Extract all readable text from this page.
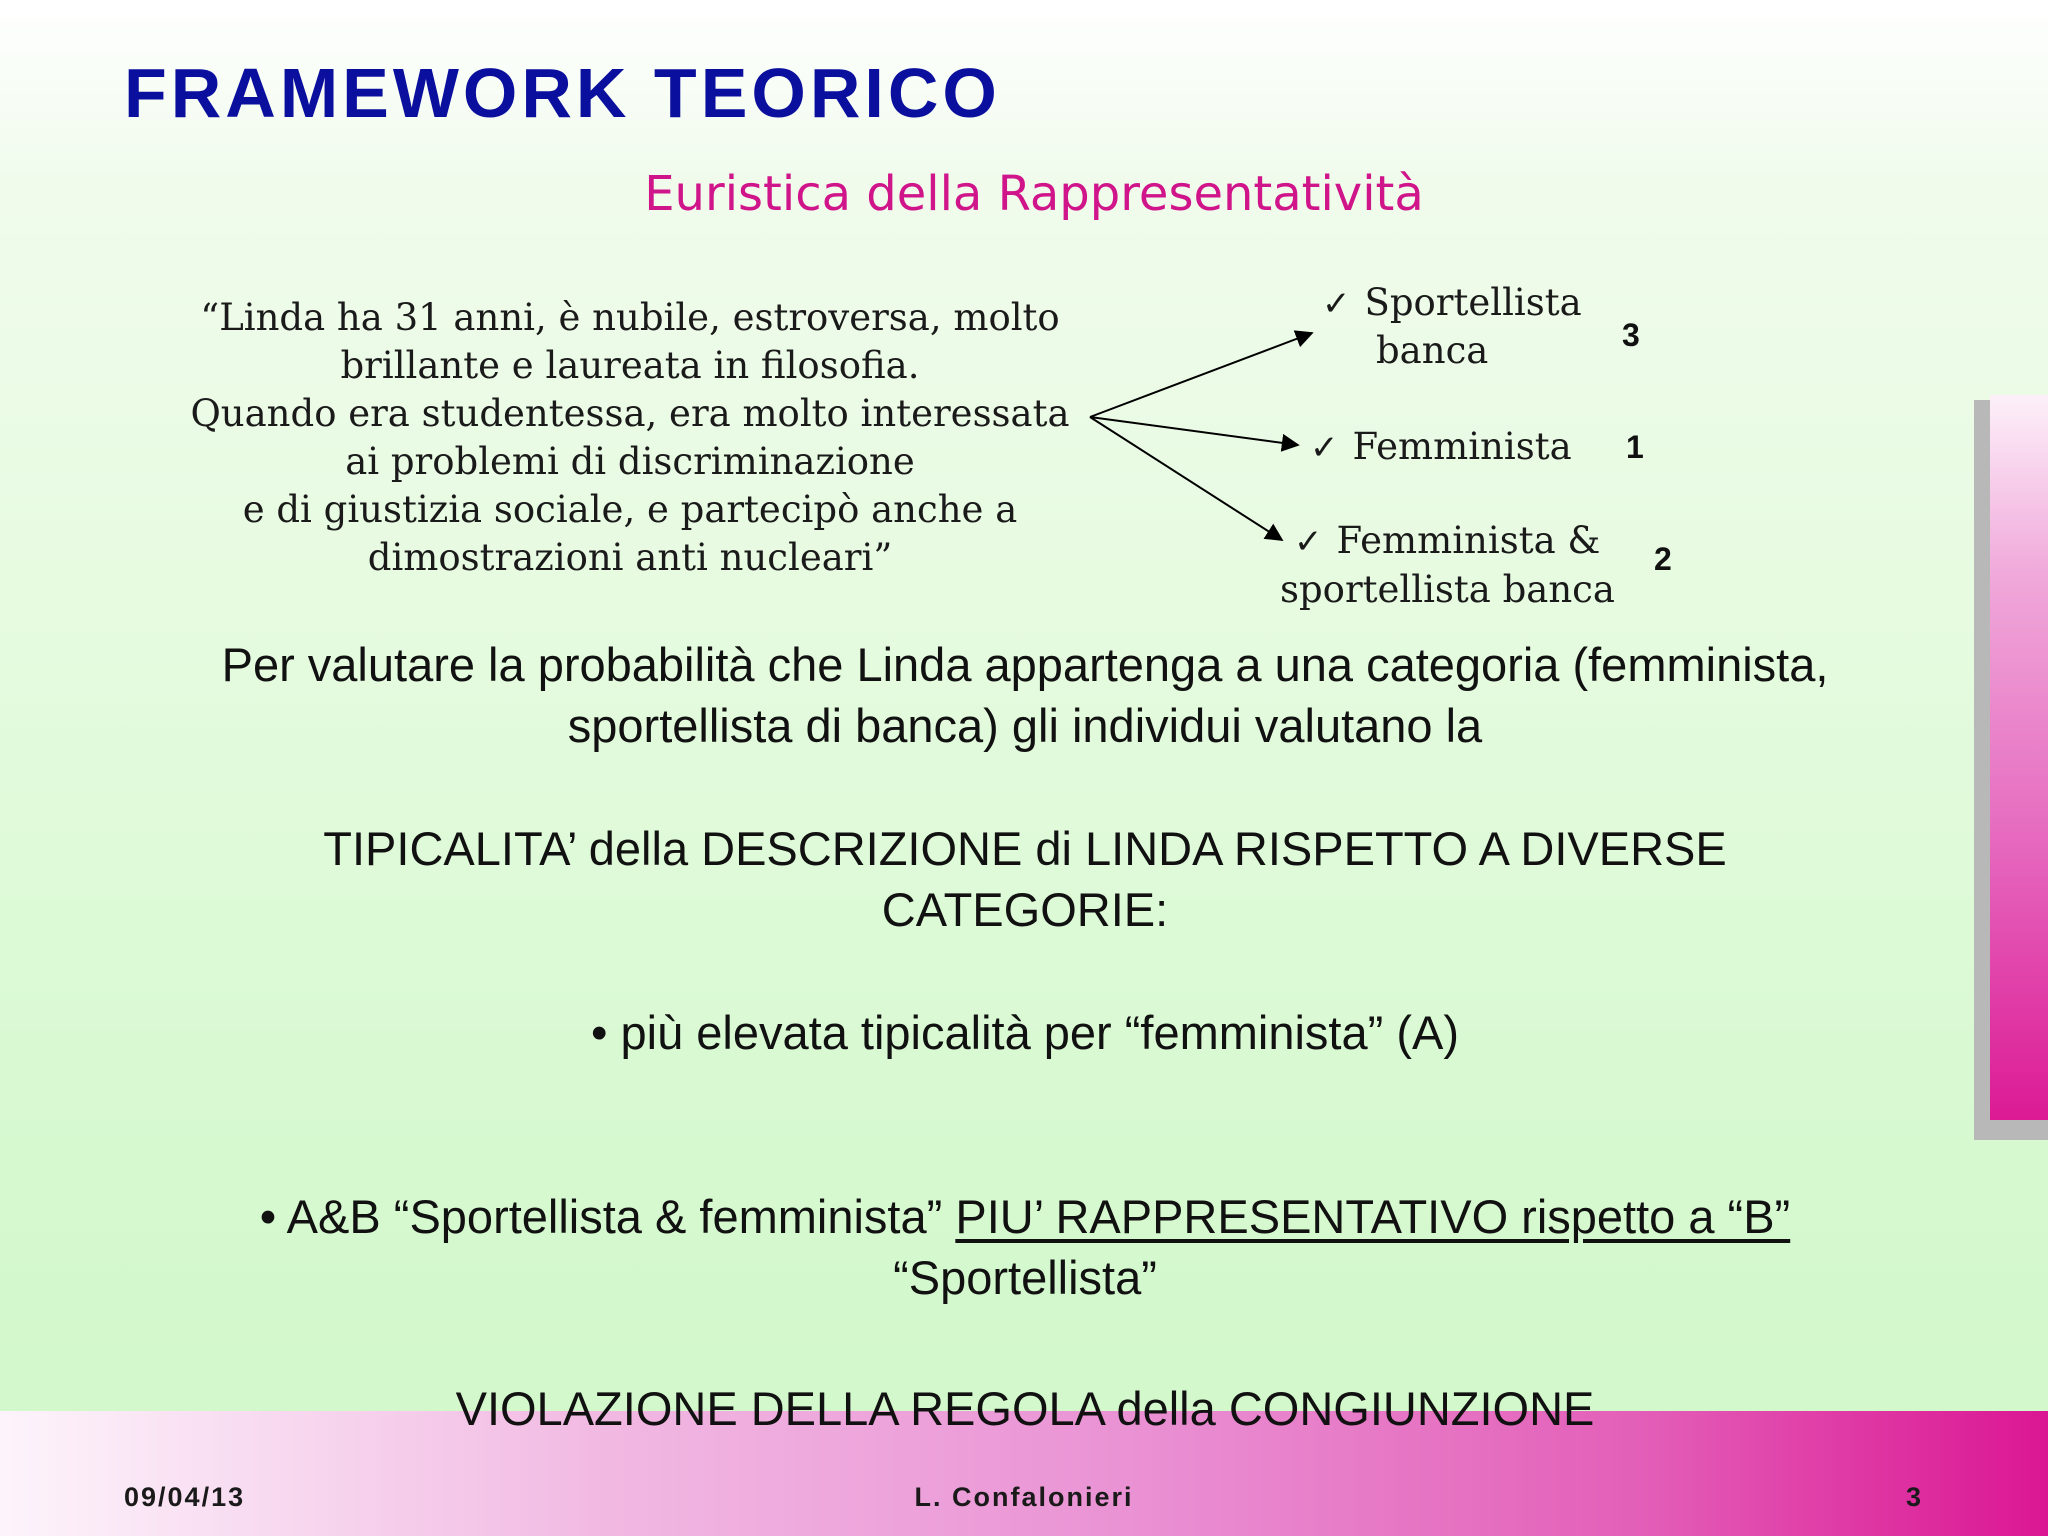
FRAMEWORK TEORICO
Euristica della Rappresentatività
“Linda ha 31 anni, è nubile, estroversa, molto
brillante e laureata in filosofia.
Quando era studentessa, era molto interessata
ai problemi di discriminazione
e di giustizia sociale, e partecipò anche a
dimostrazioni anti nucleari”
✓ Sportellista
banca	3
✓ Femminista 1
✓ Femminista &
sportellista banca
2
Per valutare la probabilità che Linda appartenga a una categoria (femminista,
sportellista di banca) gli individui valutano la
TIPICALITA’ della DESCRIZIONE di LINDA RISPETTO A DIVERSE
CATEGORIE:
• più elevata tipicalità per “femminista” (A)
• A&B “Sportellista & femminista” PIU’ RAPPRESENTATIVO rispetto a “B”
“Sportellista”
VIOLAZIONE DELLA REGOLA della CONGIUNZIONE
09/04/13	L. Confalonieri	3
